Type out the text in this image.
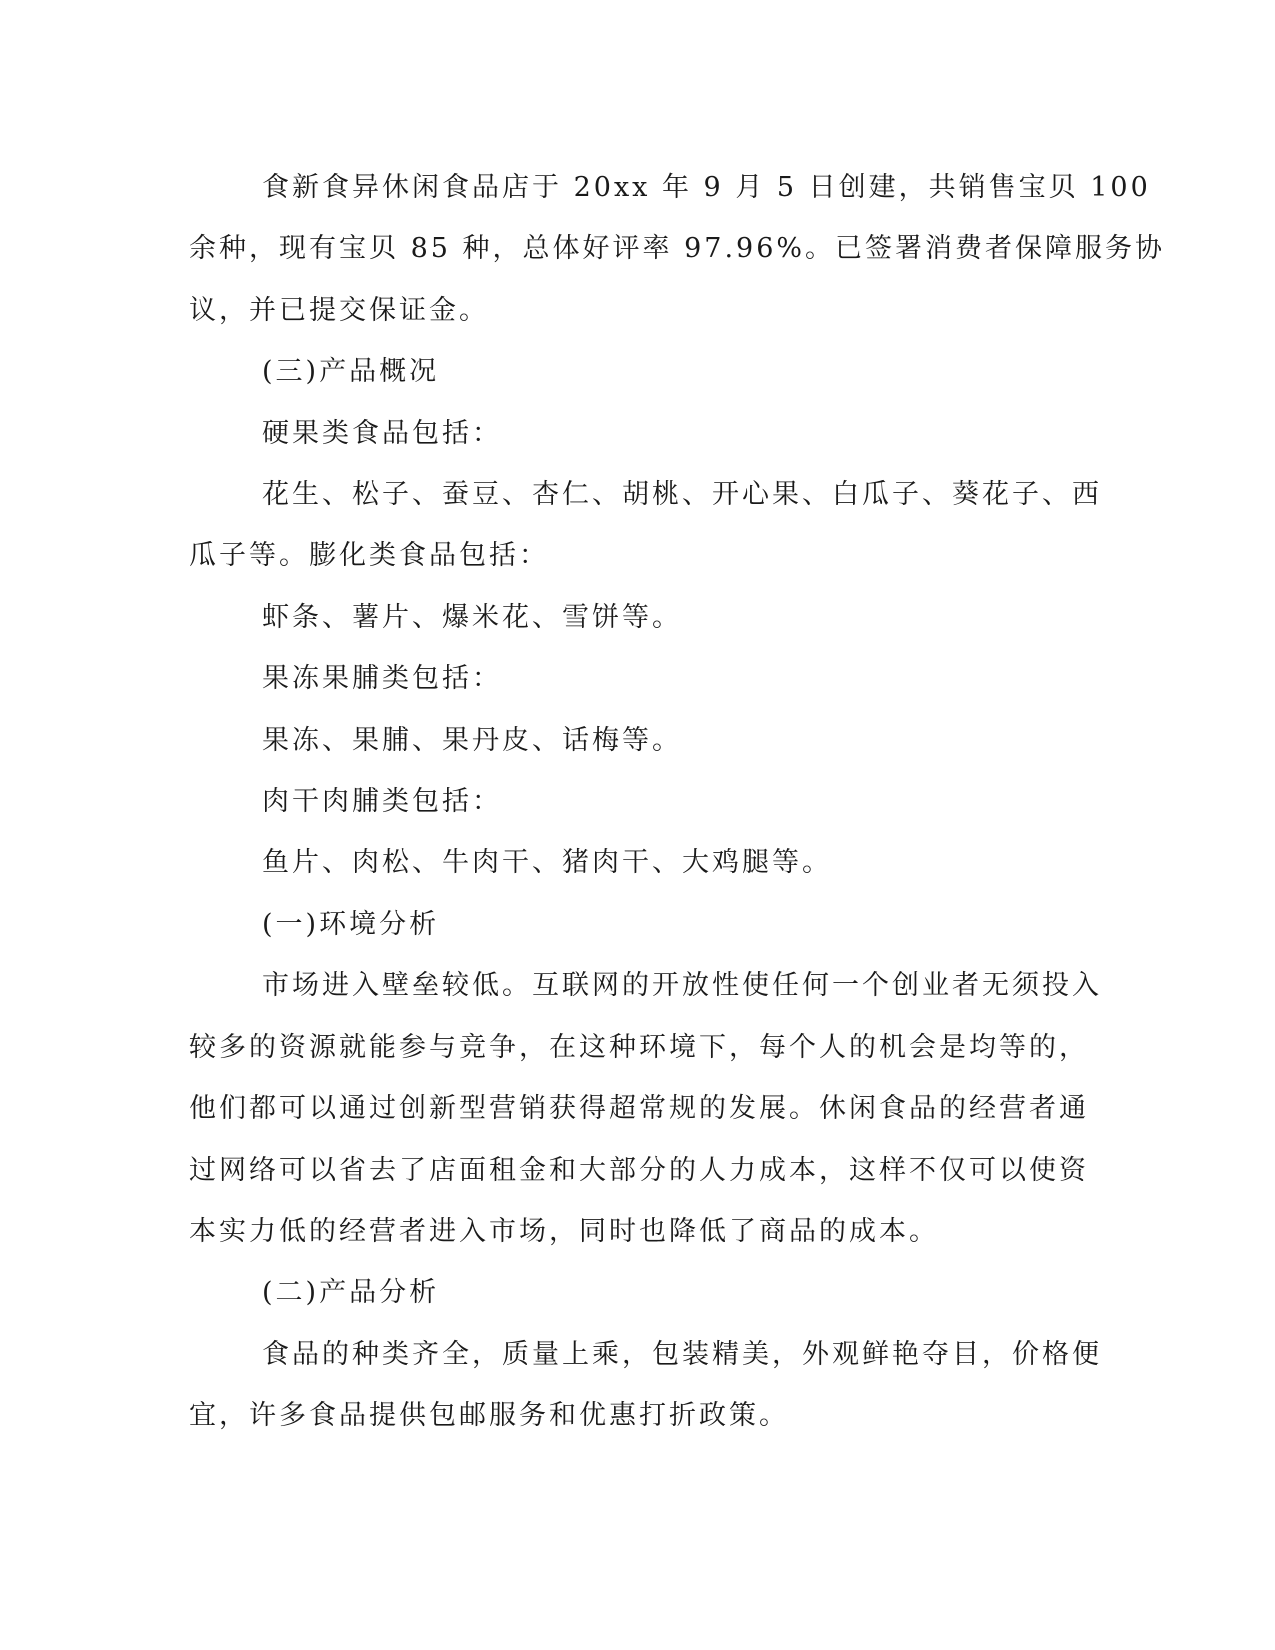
食新食异休闲食品店于 20xx 年 9 月 5 日创建，共销售宝贝 100
余种，现有宝贝 85 种，总体好评率 97.96%。已签署消费者保障服务协
议，并已提交保证金。

(三)产品概况

硬果类食品包括：

花生、松子、蚕豆、杏仁、胡桃、开心果、白瓜子、葵花子、西
瓜子等。膨化类食品包括：

虾条、薯片、爆米花、雪饼等。

果冻果脯类包括：

果冻、果脯、果丹皮、话梅等。

肉干肉脯类包括：

鱼片、肉松、牛肉干、猪肉干、大鸡腿等。

(一)环境分析

市场进入壁垒较低。互联网的开放性使任何一个创业者无须投入
较多的资源就能参与竞争，在这种环境下，每个人的机会是均等的，
他们都可以通过创新型营销获得超常规的发展。休闲食品的经营者通
过网络可以省去了店面租金和大部分的人力成本，这样不仅可以使资
本实力低的经营者进入市场，同时也降低了商品的成本。

(二)产品分析

食品的种类齐全，质量上乘，包装精美，外观鲜艳夺目，价格便
宜，许多食品提供包邮服务和优惠打折政策。
